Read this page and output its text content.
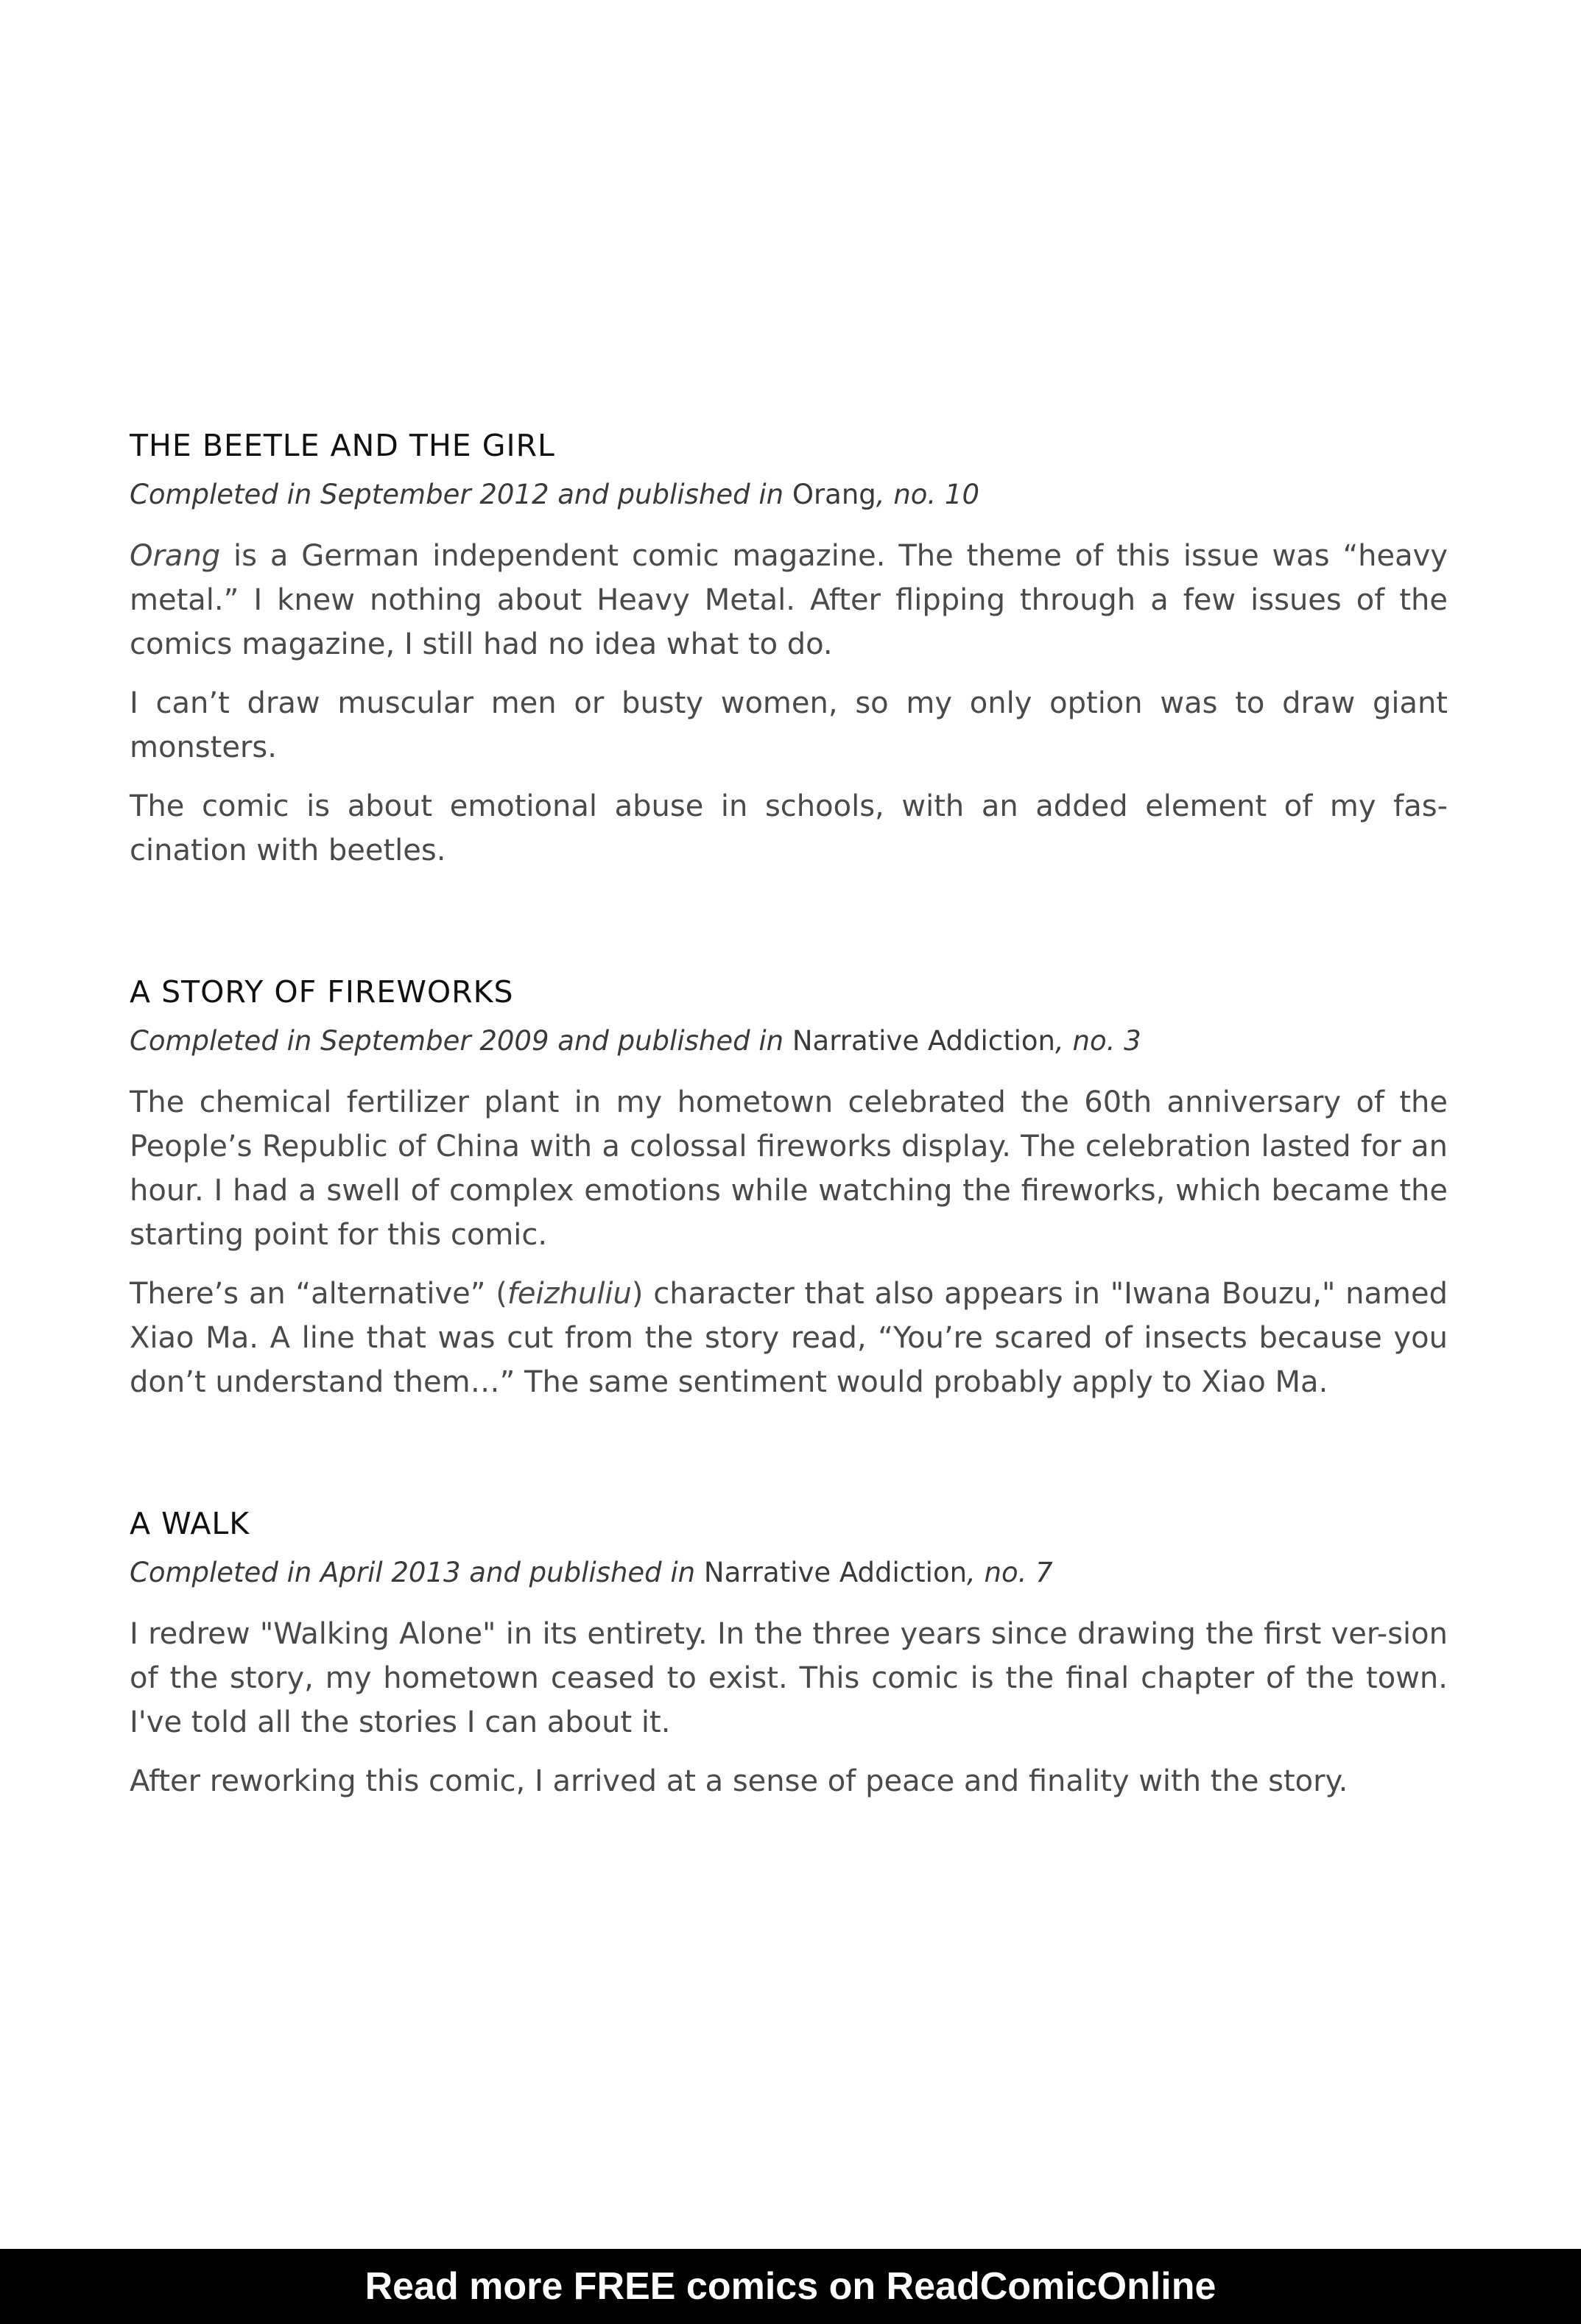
THE BEETLE AND THE GIRL
Completed in September 2012 and published in Orang, no. 10

Orang is a German independent comic magazine. The theme of this issue was “heavy metal.” I knew nothing about Heavy Metal. After flipping through a few issues of the comics magazine, I still had no idea what to do.

I can’t draw muscular men or busty women, so my only option was to draw giant monsters.

The comic is about emotional abuse in schools, with an added element of my fas-cination with beetles.

A STORY OF FIREWORKS
Completed in September 2009 and published in Narrative Addiction, no. 3

The chemical fertilizer plant in my hometown celebrated the 60th anniversary of the People’s Republic of China with a colossal fireworks display. The celebration lasted for an hour. I had a swell of complex emotions while watching the fireworks, which became the starting point for this comic.

There’s an “alternative” (feizhuliu) character that also appears in "Iwana Bouzu," named Xiao Ma. A line that was cut from the story read, “You’re scared of insects because you don’t understand them…” The same sentiment would probably apply to Xiao Ma.

A WALK
Completed in April 2013 and published in Narrative Addiction, no. 7

I redrew "Walking Alone" in its entirety. In the three years since drawing the first ver-sion of the story, my hometown ceased to exist. This comic is the final chapter of the town. I've told all the stories I can about it.

After reworking this comic, I arrived at a sense of peace and finality with the story.

Read more FREE comics on ReadComicOnline
